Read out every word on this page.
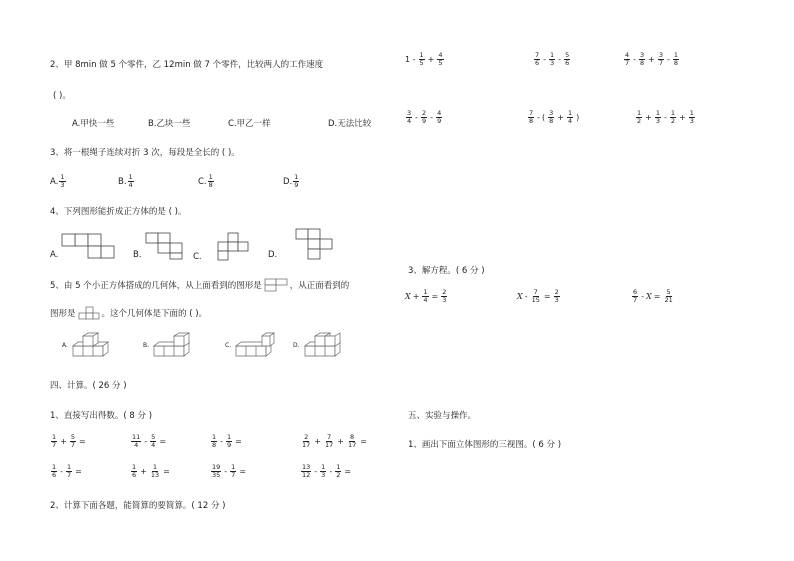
2、甲 8min 做 5 个零件，乙 12min 做 7 个零件，比较两人的工作速度
( )。
A.甲快一些	B.乙块一些	C.甲乙一样	D.无法比较
3、将一根绳子连续对折 3 次，每段是全长的 ( )。
A. $\frac{1}{3}$	B. $\frac{1}{4}$	C. $\frac{1}{8}$	D. $\frac{1}{9}$
4、下列图形能折成正方体的是 ( )。
A.	B.	C.	D.
5、由 5 个小正方体搭成的几何体，从上面看到的图形是	，从正面看到的
图形是	。这个几何体是下面的 ( )。
A.	B.	C.	D.
四、计算。( 26 分 )
1、直接写出得数。( 8 分 )
$\frac{1}{7} + \frac{5}{7}$ =	$\frac{11}{4} - \frac{5}{4}$ =	$\frac{1}{8} - \frac{1}{9}$ =	$\frac{2}{17} + \frac{7}{17} + \frac{8}{17}$ =
$\frac{1}{6} - \frac{1}{7}$ =	$\frac{1}{6} + \frac{1}{13}$ =	$\frac{19}{35} - \frac{1}{7}$ =	$\frac{13}{12} - \frac{1}{3} - \frac{1}{2}$ =
2、计算下面各题，能简算的要简算。( 12 分 )
$1 - \frac{1}{5} + \frac{4}{5}$	$\frac{7}{6} - \frac{1}{3} - \frac{5}{6}$	$\frac{4}{7} - \frac{3}{8} + \frac{3}{7} - \frac{1}{8}$
$\frac{3}{4} - \frac{2}{9} - \frac{4}{9}$	$\frac{7}{8}$ - ( $\frac{3}{8} + \frac{1}{4}$ )	$\frac{1}{2} + \frac{1}{3} - \frac{1}{2} + \frac{1}{3}$
3、解方程。( 6 分 )
$X + \frac{1}{4} = \frac{2}{3}$	$X - \frac{7}{15} = \frac{2}{3}$	$\frac{6}{7} - X = \frac{5}{21}$
五、实验与操作。
1、画出下面立体图形的三视图。( 6 分 )
